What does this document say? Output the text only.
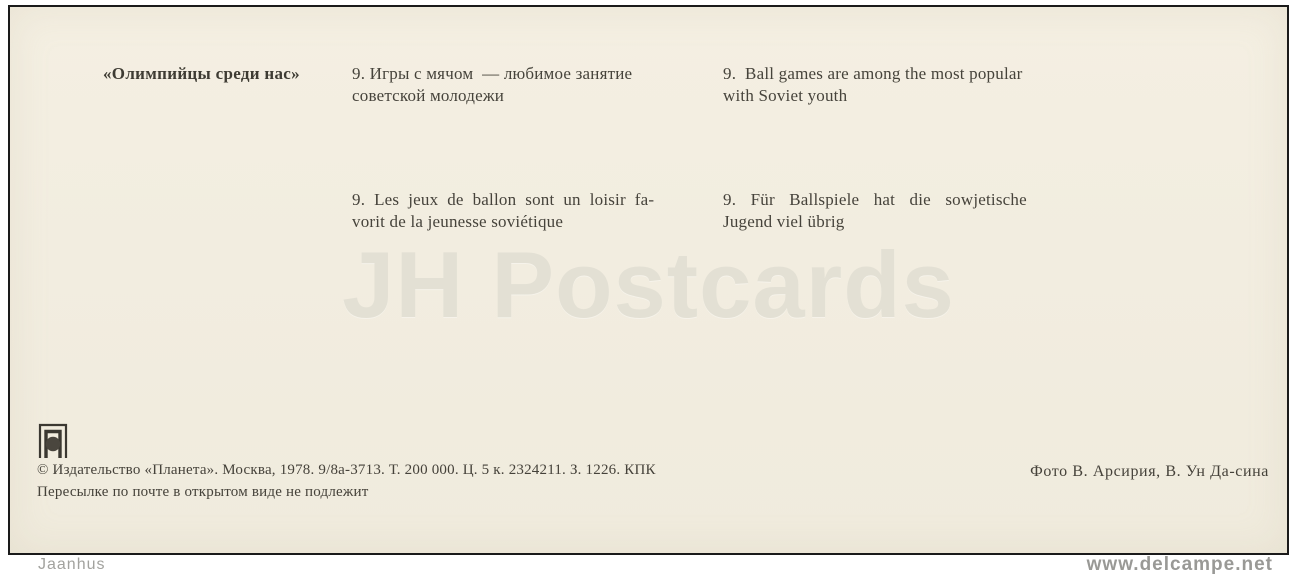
«Олимпийцы среди нас»	9. Игры с мячом  — любимое занятие
советской молодежи
9.  Ball games are among the most popular
with Soviet youth
9. Les jeux de ballon sont un loisir fa-
vorit de la jeunesse soviétique
9. Für Ballspiele hat die sowjetische
Jugend viel übrig
JH Postcards
© Издательство «Планета». Москва, 1978. 9/8а-3713. Т. 200 000. Ц. 5 к. 2324211. З. 1226. КПК
Пересылке по почте в открытом виде не подлежит
Фото В. Арсирия, В. Ун Да-сина
Jaanhus	www.delcampe.net
